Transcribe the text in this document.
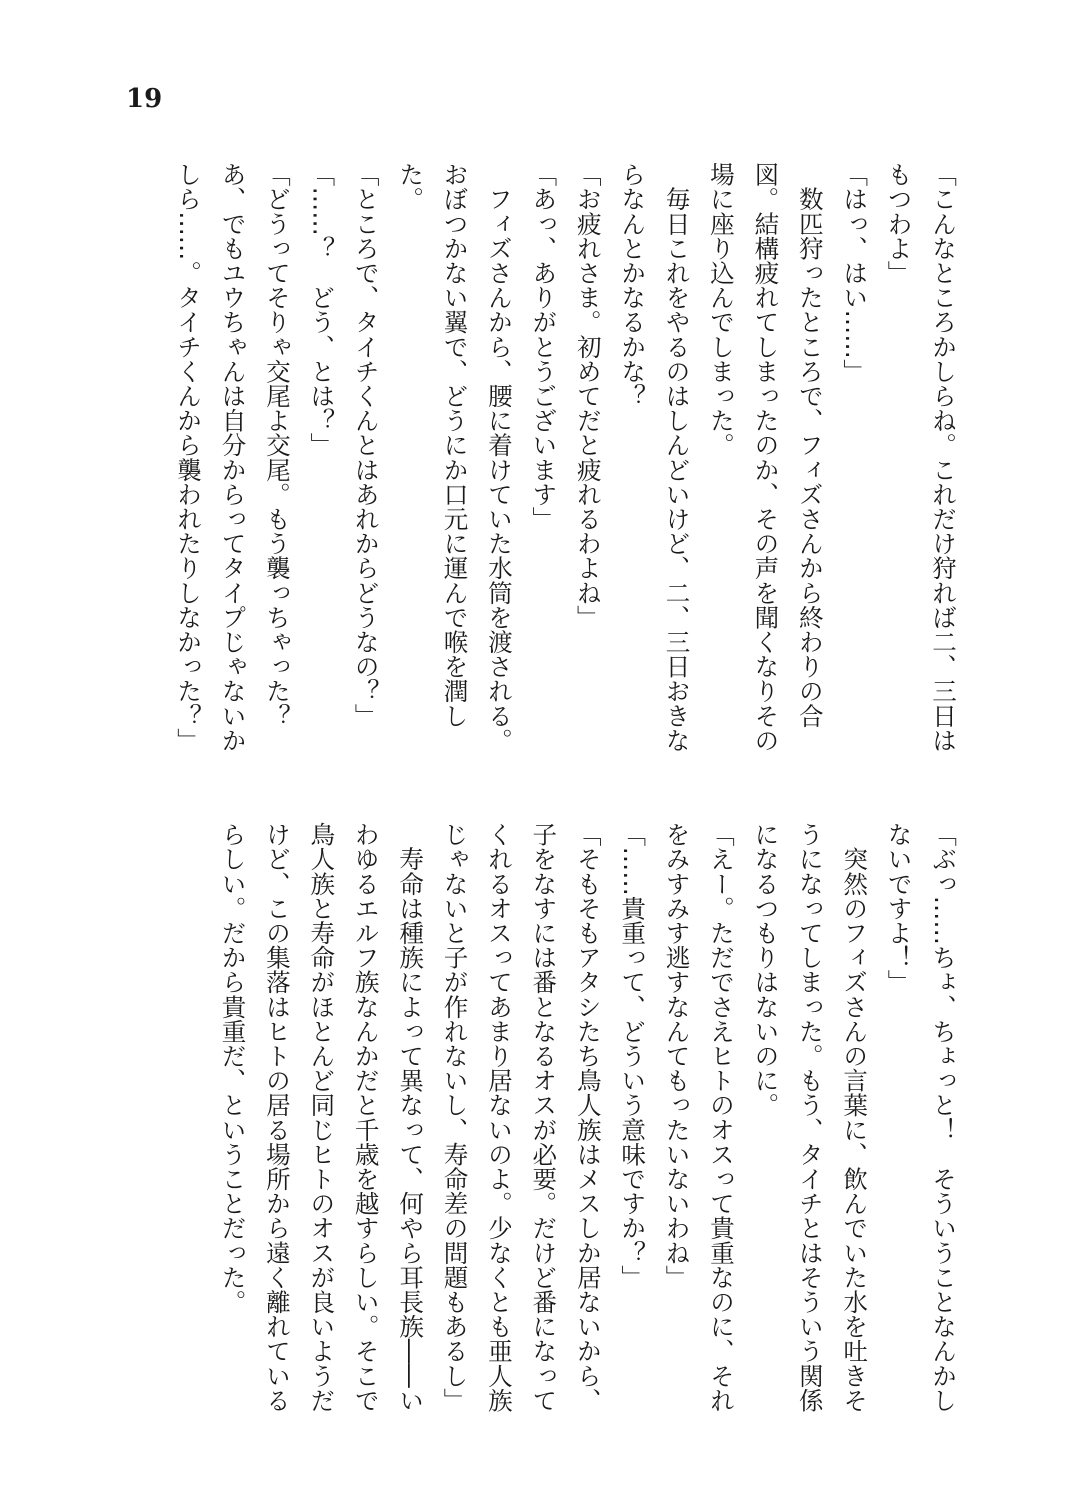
19

「こんなところかしらね。これだけ狩れば二、三日は

もつわよ」

「はっ、はい……」

　数匹狩ったところで、フィズさんから終わりの合

図。結構疲れてしまったのか、その声を聞くなりその

場に座り込んでしまった。

　毎日これをやるのはしんどいけど、二、三日おきな

らなんとかなるかな？

「お疲れさま。初めてだと疲れるわよね」

「あっ、ありがとうございます」

　フィズさんから、腰に着けていた水筒を渡される。

おぼつかない翼で、どうにか口元に運んで喉を潤し

た。

「ところで、タイチくんとはあれからどうなの？」

「……？　どう、とは？」

「どうってそりゃ交尾よ交尾。もう襲っちゃった？

あ、でもユウちゃんは自分からってタイプじゃないか

しら……。タイチくんから襲われたりしなかった？」

「ぶっ……ちょ、ちょっと！　そういうことなんかし

ないですよ！」

　突然のフィズさんの言葉に、飲んでいた水を吐きそ

うになってしまった。もう、タイチとはそういう関係

になるつもりはないのに。

「えー。ただでさえヒトのオスって貴重なのに、それ

をみすみす逃すなんてもったいないわね」

「……貴重って、どういう意味ですか？」

「そもそもアタシたち鳥人族はメスしか居ないから、

子をなすには番となるオスが必要。だけど番になって

くれるオスってあまり居ないのよ。少なくとも亜人族

じゃないと子が作れないし、寿命差の問題もあるし」

　寿命は種族によって異なって、何やら耳長族――い

わゆるエルフ族なんかだと千歳を越すらしい。そこで

鳥人族と寿命がほとんど同じヒトのオスが良いようだ

けど、この集落はヒトの居る場所から遠く離れている

らしい。だから貴重だ、ということだった。
